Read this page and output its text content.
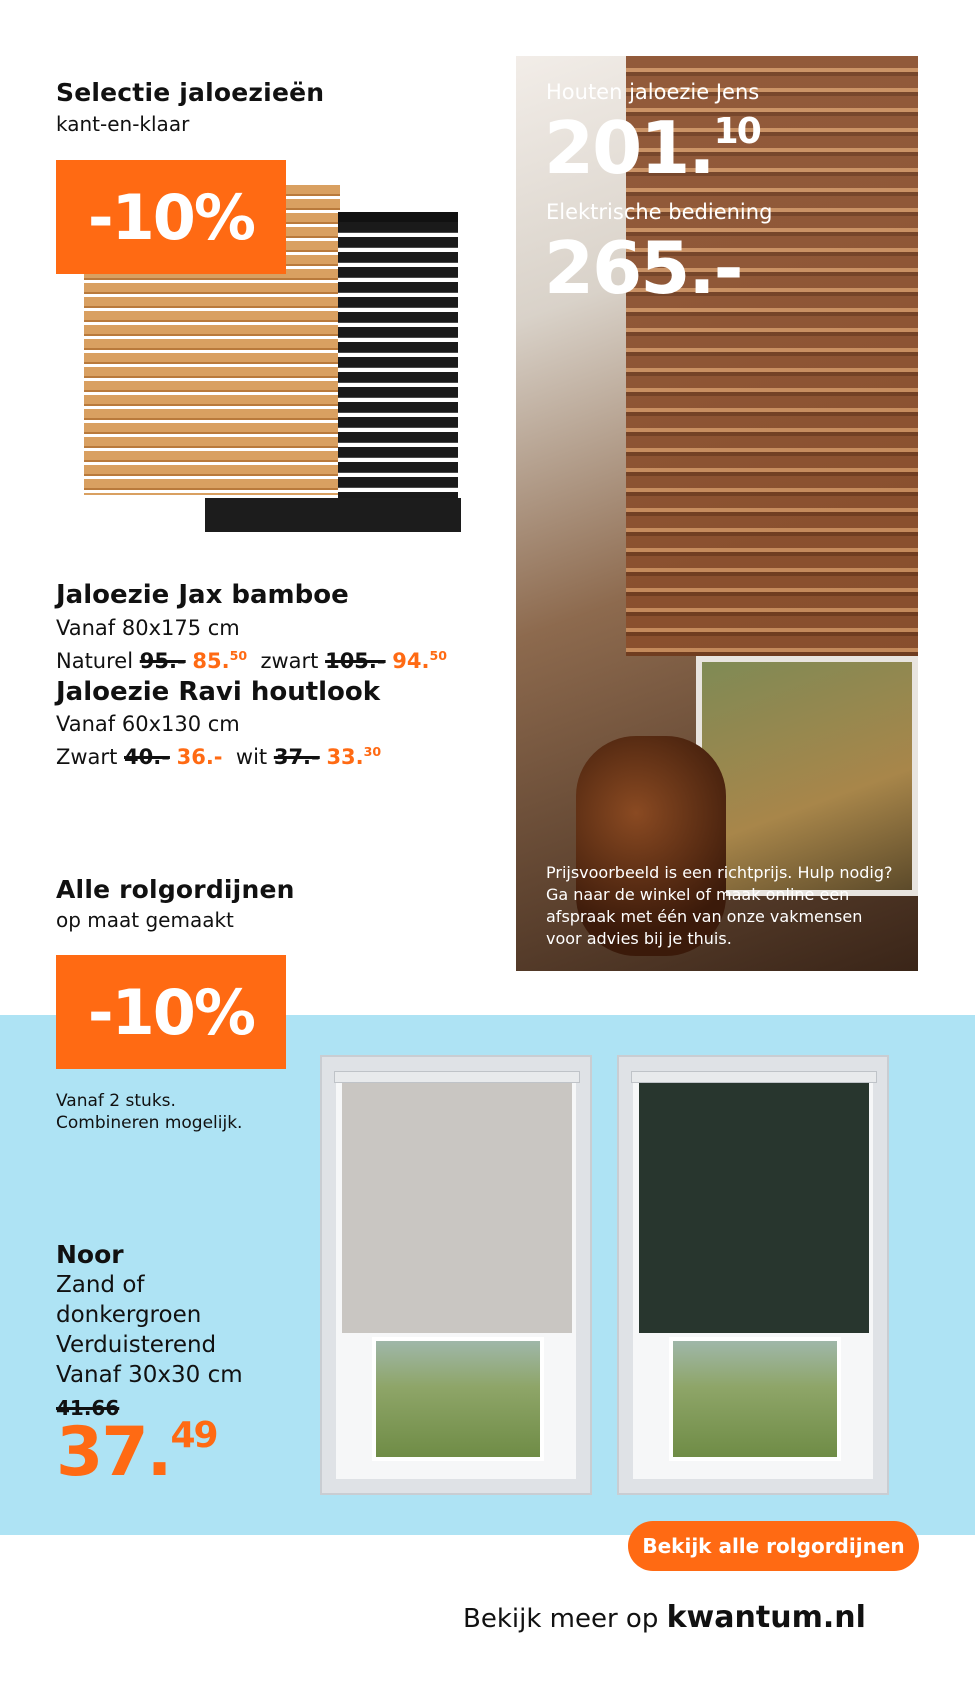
Selectie jaloezieën
kant-en-klaar
-10%
Jaloezie Jax bamboe
Vanaf 80x175 cm
Naturel 95.- 85.50 zwart 105.- 94.50
Jaloezie Ravi houtlook
Vanaf 60x130 cm
Zwart 40.- 36.- wit 37.- 33.30
Houten jaloezie Jens
201.10
Elektrische bediening
265.-
Prijsvoorbeeld is een richtprijs. Hulp nodig? Ga naar de winkel of maak online een afspraak met één van onze vakmensen voor advies bij je thuis.
Alle rolgordijnen
op maat gemaakt
-10%
Vanaf 2 stuks.
Combineren mogelijk.
Noor
Zand of
donkergroen
Verduisterend
Vanaf 30x30 cm
41.66
37.49
Bekijk alle rolgordijnen
Bekijk meer op kwantum.nl
